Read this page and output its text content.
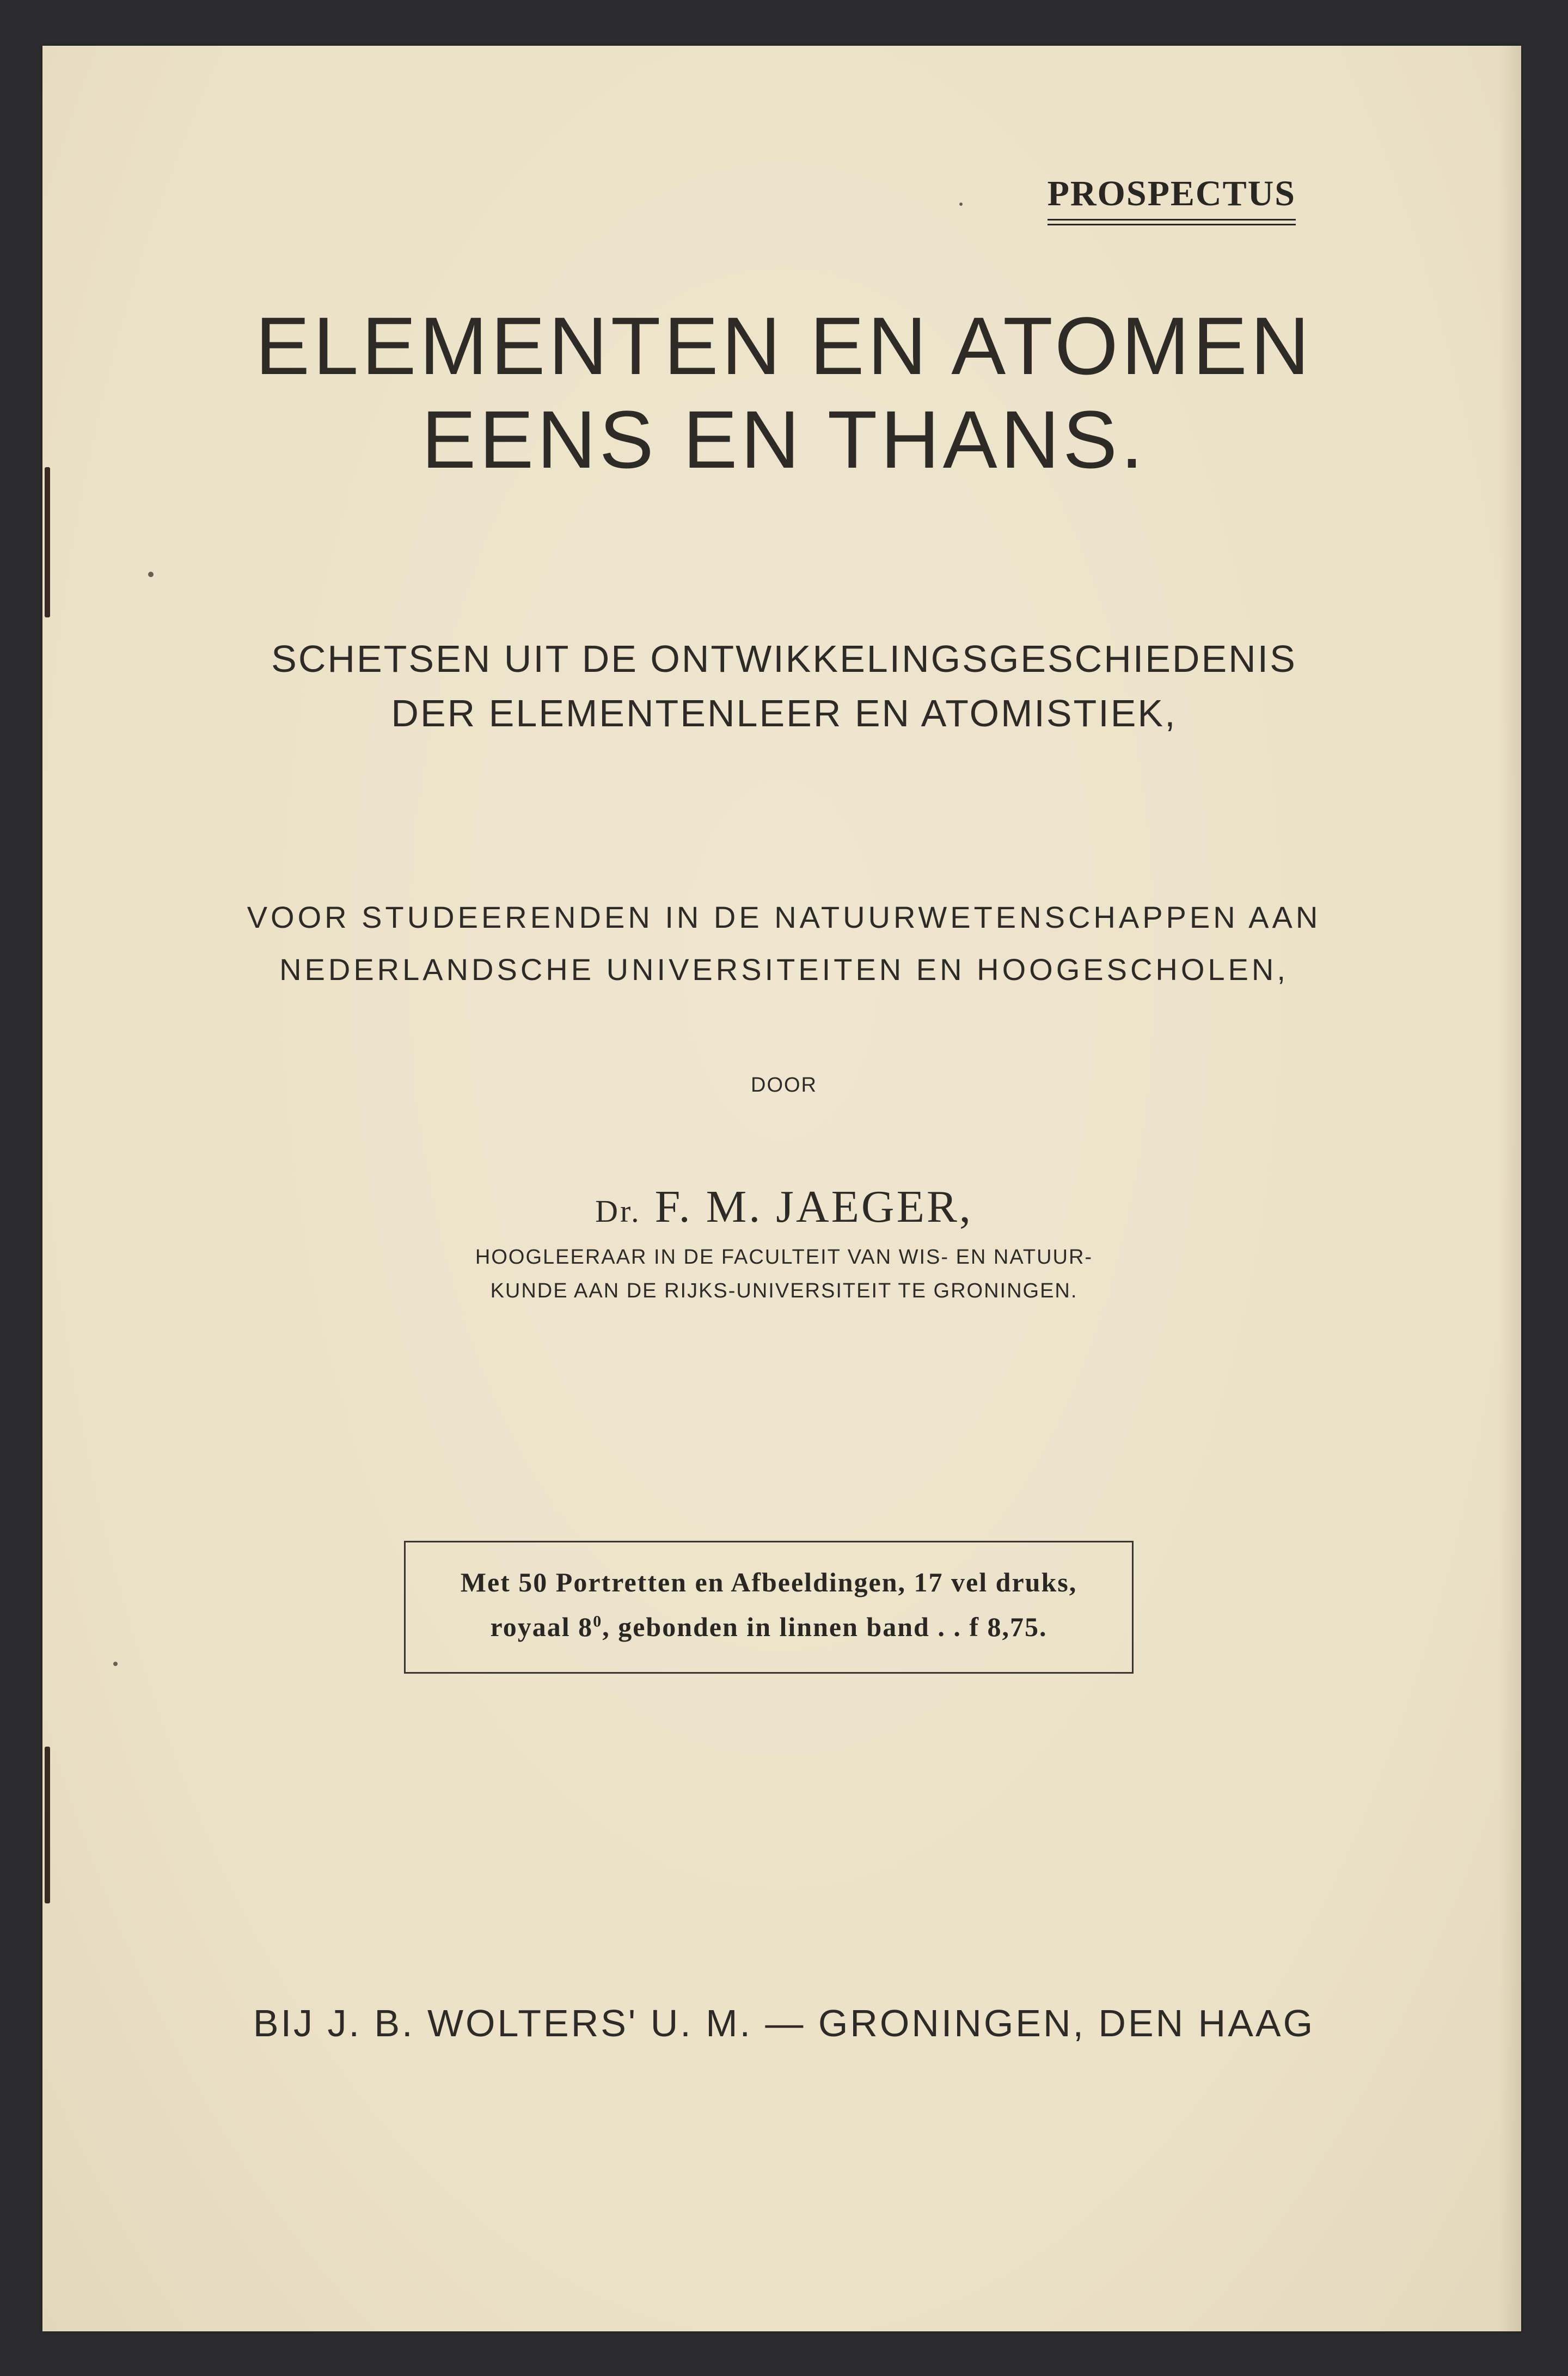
PROSPECTUS
ELEMENTEN EN ATOMEN
EENS EN THANS.
SCHETSEN UIT DE ONTWIKKELINGSGESCHIEDENIS
DER ELEMENTENLEER EN ATOMISTIEK,
VOOR STUDEERENDEN IN DE NATUURWETENSCHAPPEN AAN
NEDERLANDSCHE UNIVERSITEITEN EN HOOGESCHOLEN,
DOOR
Dr. F. M. JAEGER,
HOOGLEERAAR IN DE FACULTEIT VAN WIS- EN NATUUR-
KUNDE AAN DE RIJKS-UNIVERSITEIT TE GRONINGEN.
Met 50 Portretten en Afbeeldingen, 17 vel druks,
royaal $8^0$, gebonden in linnen band . . f 8,75.
BIJ J. B. WOLTERS' U. M. — GRONINGEN, DEN HAAG
